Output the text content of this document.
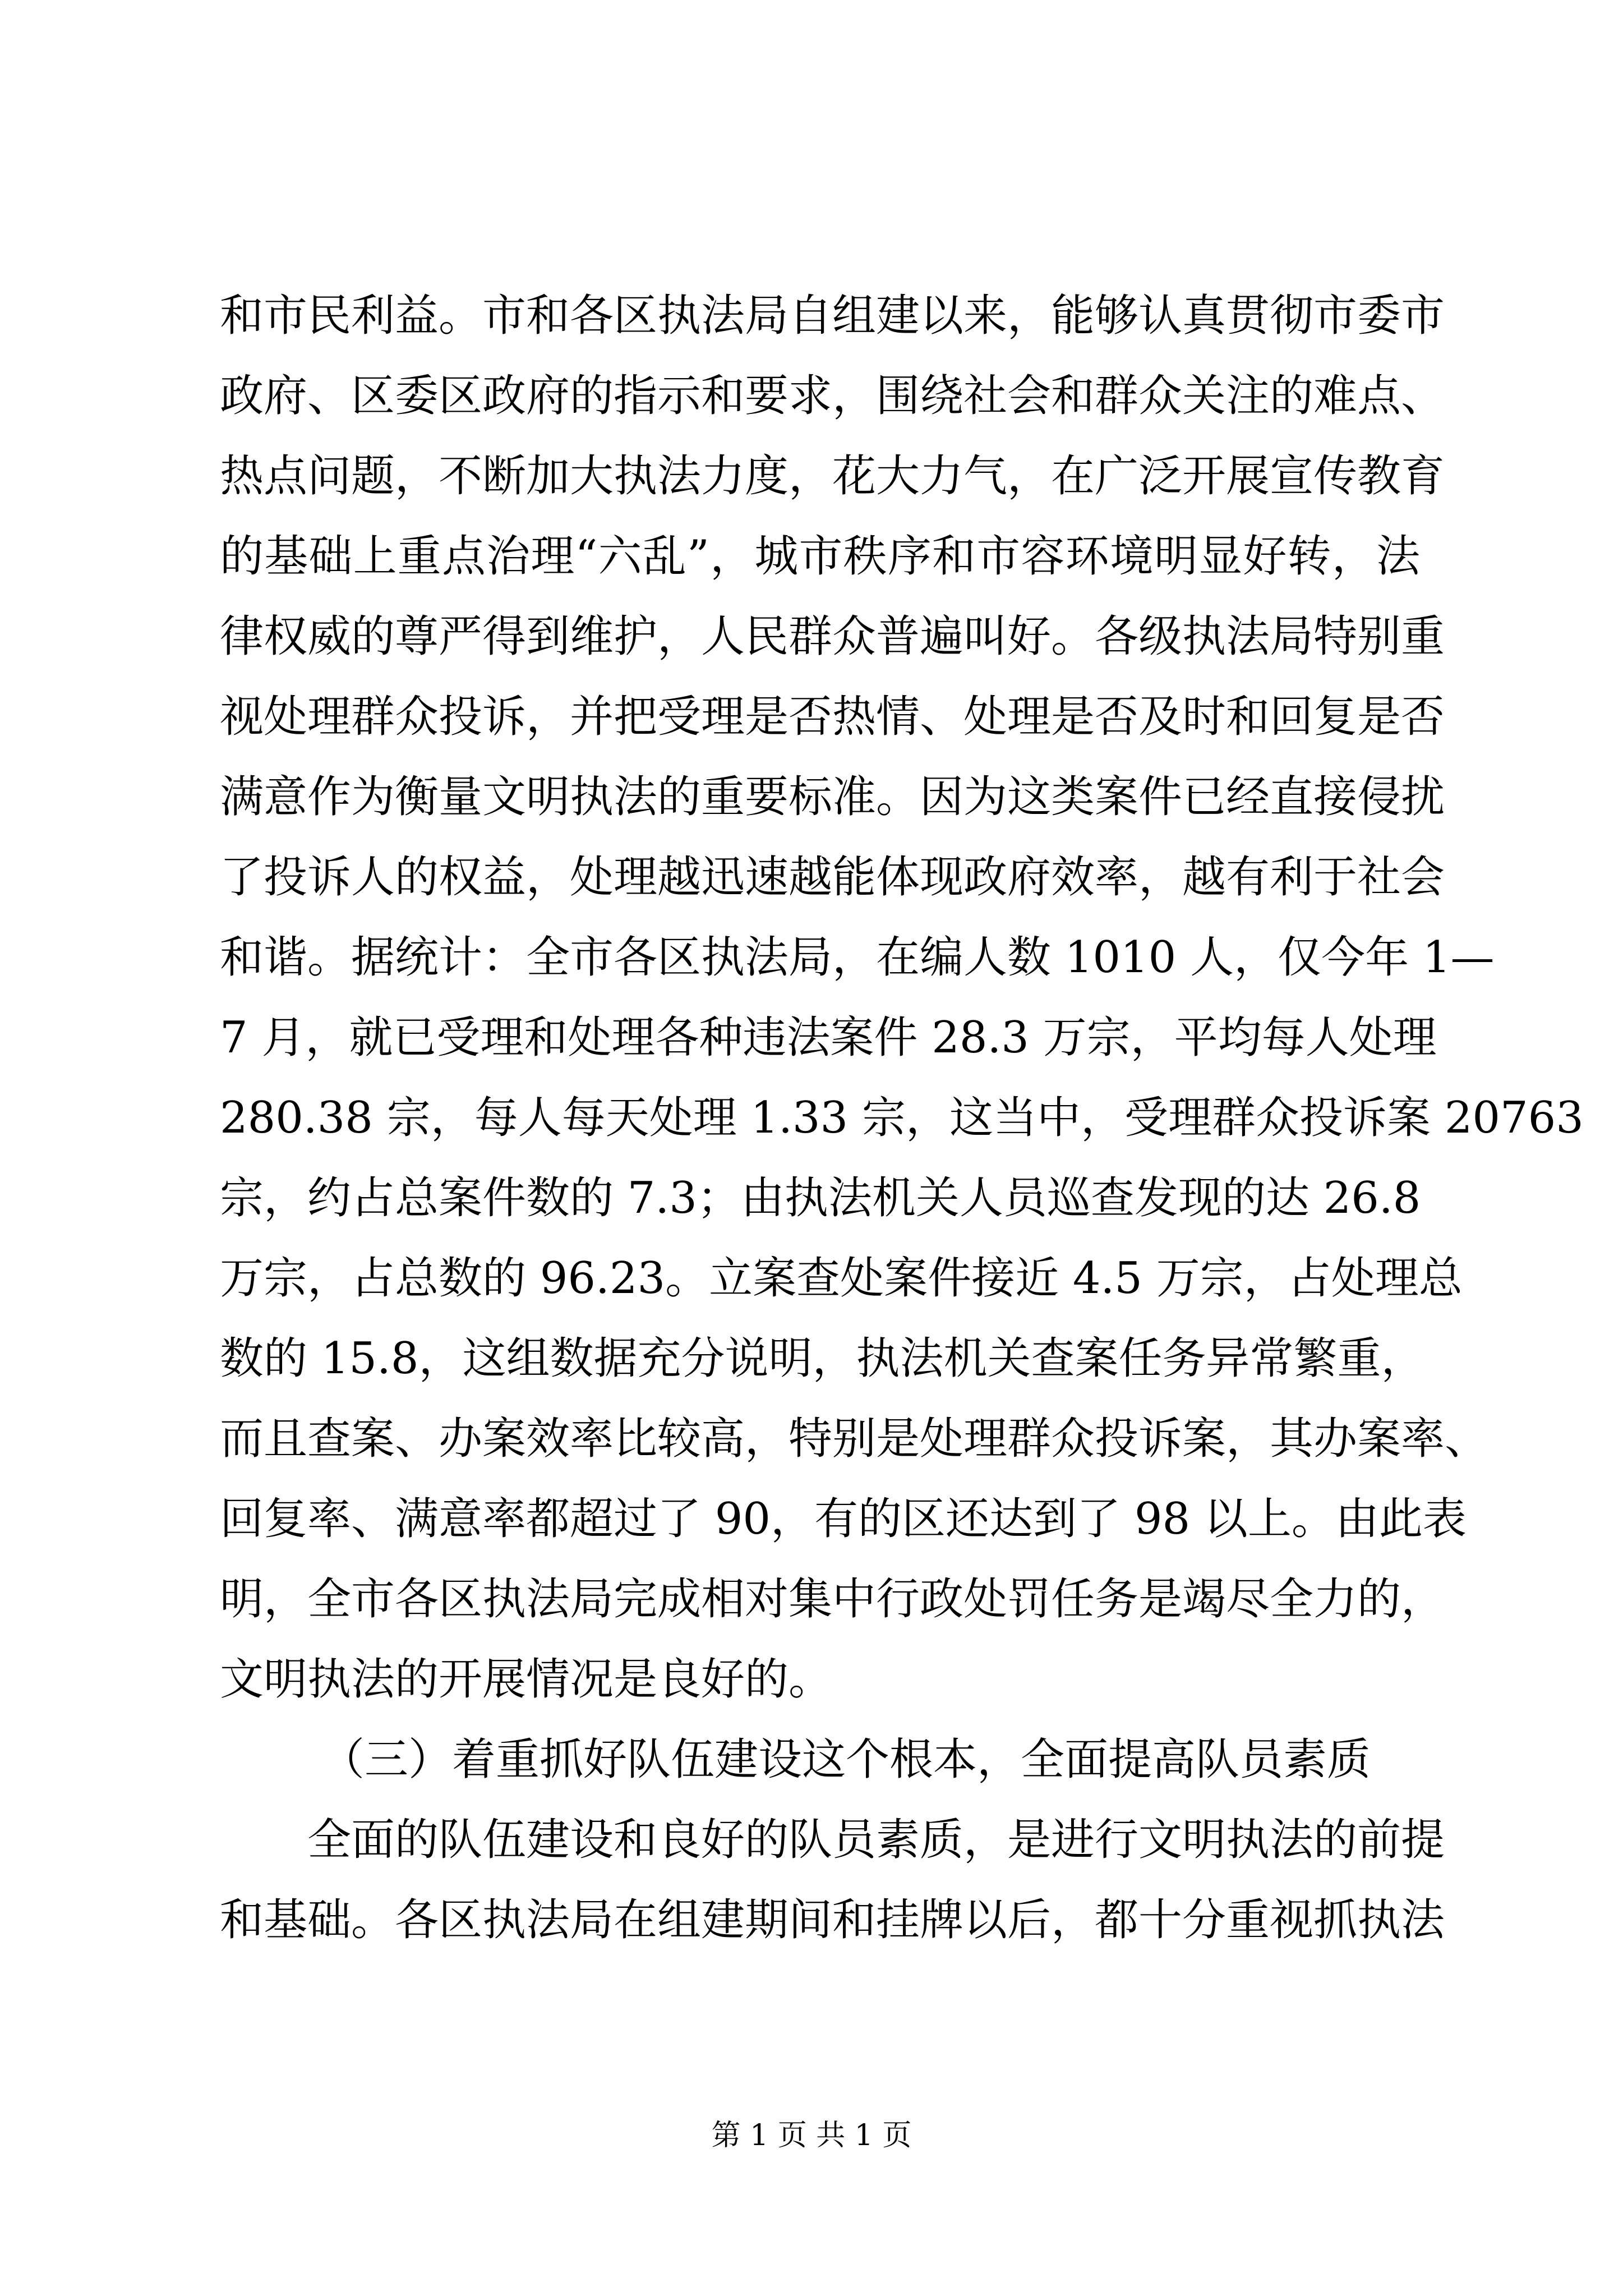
和市民利益。市和各区执法局自组建以来，能够认真贯彻市委市
政府、区委区政府的指示和要求，围绕社会和群众关注的难点、
热点问题，不断加大执法力度，花大力气，在广泛开展宣传教育
的基础上重点治理“六乱”，城市秩序和市容环境明显好转，法
律权威的尊严得到维护，人民群众普遍叫好。各级执法局特别重
视处理群众投诉，并把受理是否热情、处理是否及时和回复是否
满意作为衡量文明执法的重要标准。因为这类案件已经直接侵扰
了投诉人的权益，处理越迅速越能体现政府效率，越有利于社会
和谐。据统计：全市各区执法局，在编人数 1010 人，仅今年 1—
7 月，就已受理和处理各种违法案件 28.3 万宗，平均每人处理
280.38 宗，每人每天处理 1.33 宗，这当中，受理群众投诉案 20763
宗，约占总案件数的 7.3；由执法机关人员巡查发现的达 26.8
万宗，占总数的 96.23。立案查处案件接近 4.5 万宗，占处理总
数的 15.8，这组数据充分说明，执法机关查案任务异常繁重，
而且查案、办案效率比较高，特别是处理群众投诉案，其办案率、
回复率、满意率都超过了 90，有的区还达到了 98 以上。由此表
明，全市各区执法局完成相对集中行政处罚任务是竭尽全力的，
文明执法的开展情况是良好的。
（三）着重抓好队伍建设这个根本，全面提高队员素质
全面的队伍建设和良好的队员素质，是进行文明执法的前提
和基础。各区执法局在组建期间和挂牌以后，都十分重视抓执法
第 1 页 共 1 页
